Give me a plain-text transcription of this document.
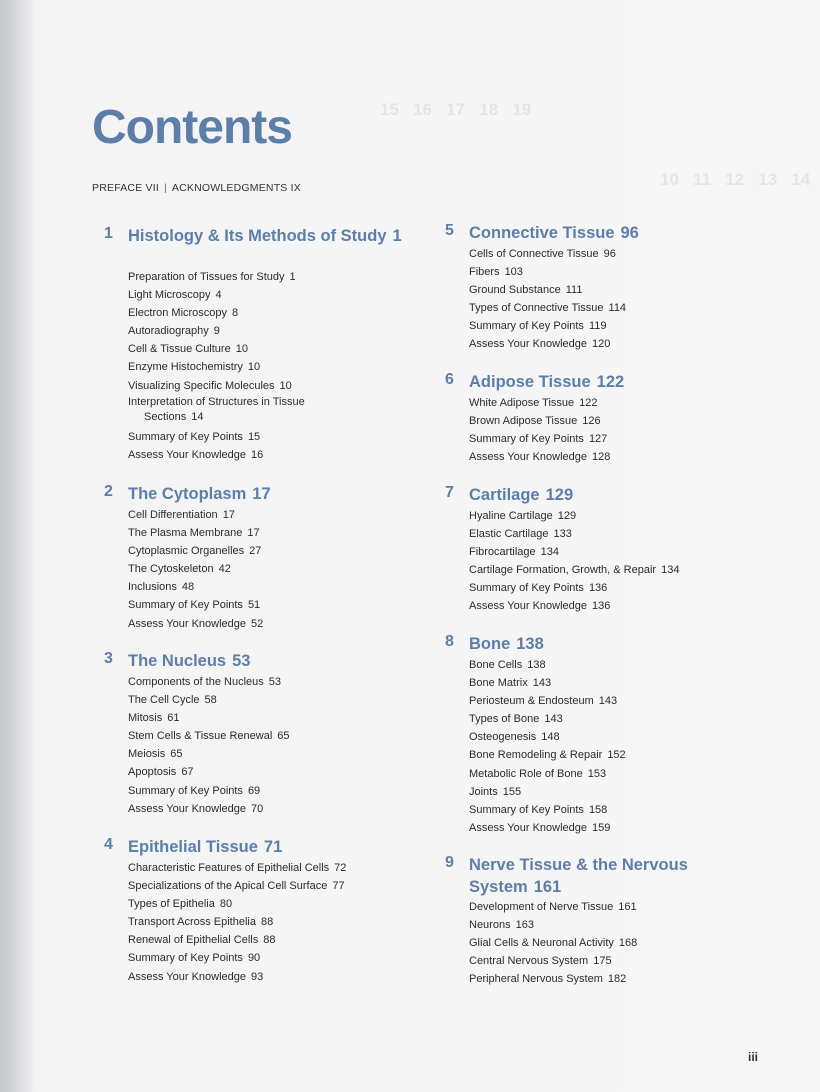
15   16   17   18   19
10   11   12   13   14
Contents
PREFACE VII | ACKNOWLEDGMENTS IX
1 Histology & Its Methods of Study 1

Preparation of Tissues for Study 1
Light Microscopy 4
Electron Microscopy 8
Autoradiography 9
Cell & Tissue Culture 10
Enzyme Histochemistry 10
Visualizing Specific Molecules 10
Interpretation of Structures in Tissue
Sections 14
Summary of Key Points 15
Assess Your Knowledge 16
2 The Cytoplasm 17

Cell Differentiation 17
The Plasma Membrane 17
Cytoplasmic Organelles 27
The Cytoskeleton 42
Inclusions 48
Summary of Key Points 51
Assess Your Knowledge 52
3 The Nucleus 53

Components of the Nucleus 53
The Cell Cycle 58
Mitosis 61
Stem Cells & Tissue Renewal 65
Meiosis 65
Apoptosis 67
Summary of Key Points 69
Assess Your Knowledge 70
4 Epithelial Tissue 71

Characteristic Features of Epithelial Cells 72
Specializations of the Apical Cell Surface 77
Types of Epithelia 80
Transport Across Epithelia 88
Renewal of Epithelial Cells 88
Summary of Key Points 90
Assess Your Knowledge 93
5 Connective Tissue 96

Cells of Connective Tissue 96
Fibers 103
Ground Substance 111
Types of Connective Tissue 114
Summary of Key Points 119
Assess Your Knowledge 120
6 Adipose Tissue 122

White Adipose Tissue 122
Brown Adipose Tissue 126
Summary of Key Points 127
Assess Your Knowledge 128
7 Cartilage 129

Hyaline Cartilage 129
Elastic Cartilage 133
Fibrocartilage 134
Cartilage Formation, Growth, & Repair 134
Summary of Key Points 136
Assess Your Knowledge 136
8 Bone 138

Bone Cells 138
Bone Matrix 143
Periosteum & Endosteum 143
Types of Bone 143
Osteogenesis 148
Bone Remodeling & Repair 152
Metabolic Role of Bone 153
Joints 155
Summary of Key Points 158
Assess Your Knowledge 159
9 Nerve Tissue & the Nervous System 161

Development of Nerve Tissue 161
Neurons 163
Glial Cells & Neuronal Activity 168
Central Nervous System 175
Peripheral Nervous System 182
iii
